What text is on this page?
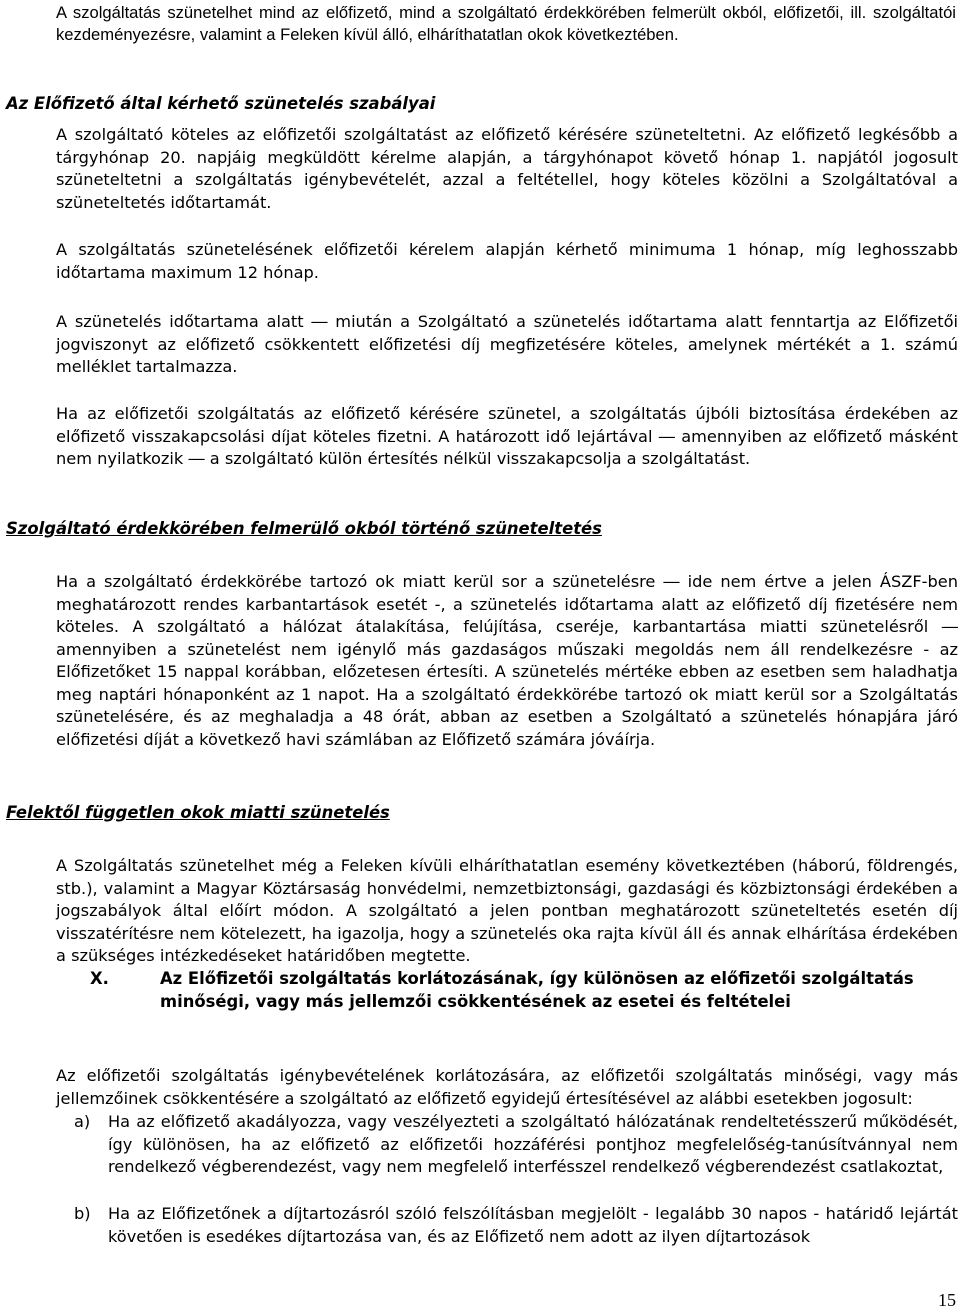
A szolgáltatás szünetelhet mind az előfizető, mind a szolgáltató érdekkörében felmerült okból, előfizetői, ill. szolgáltatói kezdeményezésre, valamint a Feleken kívül álló, elháríthatatlan okok következtében.

Az Előfizető által kérhető szünetelés szabályai

A szolgáltató köteles az előfizetői szolgáltatást az előfizető kérésére szüneteltetni. Az előfizető legkésőbb a tárgyhónap 20. napjáig megküldött kérelme alapján, a tárgyhónapot követő hónap 1. napjától jogosult szüneteltetni a szolgáltatás igénybevételét, azzal a feltétellel, hogy köteles közölni a Szolgáltatóval a szüneteltetés időtartamát.

A szolgáltatás szünetelésének előfizetői kérelem alapján kérhető minimuma 1 hónap, míg leghosszabb időtartama maximum 12 hónap.

A szünetelés időtartama alatt ― miután a Szolgáltató a szünetelés időtartama alatt fenntartja az Előfizetői jogviszonyt az előfizető csökkentett előfizetési díj megfizetésére köteles, amelynek mértékét a 1. számú melléklet tartalmazza.

Ha az előfizetői szolgáltatás az előfizető kérésére szünetel, a szolgáltatás újbóli biztosítása érdekében az előfizető visszakapcsolási díjat köteles fizetni. A határozott idő lejártával ― amennyiben az előfizető másként nem nyilatkozik ― a szolgáltató külön értesítés nélkül visszakapcsolja a szolgáltatást.

Szolgáltató érdekkörében felmerülő okból történő szüneteltetés

Ha a szolgáltató érdekkörébe tartozó ok miatt kerül sor a szünetelésre ― ide nem értve a jelen ÁSZF-ben meghatározott rendes karbantartások esetét -, a szünetelés időtartama alatt az előfizető díj fizetésére nem köteles. A szolgáltató a hálózat átalakítása, felújítása, cseréje, karbantartása miatti szünetelésről ― amennyiben a szünetelést nem igénylő más gazdaságos műszaki megoldás nem áll rendelkezésre - az Előfizetőket 15 nappal korábban, előzetesen értesíti. A szünetelés mértéke ebben az esetben sem haladhatja meg naptári hónaponként az 1 napot. Ha a szolgáltató érdekkörébe tartozó ok miatt kerül sor a Szolgáltatás szünetelésére, és az meghaladja a 48 órát, abban az esetben a Szolgáltató a szünetelés hónapjára járó előfizetési díját a következő havi számlában az Előfizető számára jóváírja.

Felektől független okok miatti szünetelés

A Szolgáltatás szünetelhet még a Feleken kívüli elháríthatatlan esemény következtében (háború, földrengés, stb.), valamint a Magyar Köztársaság honvédelmi, nemzetbiztonsági, gazdasági és közbiztonsági érdekében a jogszabályok által előírt módon. A szolgáltató a jelen pontban meghatározott szüneteltetés esetén díj visszatérítésre nem kötelezett, ha igazolja, hogy a szünetelés oka rajta kívül áll és annak elhárítása érdekében a szükséges intézkedéseket határidőben megtette.

X.	Az Előfizetői szolgáltatás korlátozásának, így különösen az előfizetői szolgáltatás minőségi, vagy más jellemzői csökkentésének az esetei és feltételei

Az előfizetői szolgáltatás igénybevételének korlátozására, az előfizetői szolgáltatás minőségi, vagy más jellemzőinek csökkentésére a szolgáltató az előfizető egyidejű értesítésével az alábbi esetekben jogosult:

a) Ha az előfizető akadályozza, vagy veszélyezteti a szolgáltató hálózatának rendeltetésszerű működését, így különösen, ha az előfizető az előfizetői hozzáférési pontjhoz megfelelőség-tanúsítvánnyal nem rendelkező végberendezést, vagy nem megfelelő interfésszel rendelkező végberendezést csatlakoztat,
b) Ha az Előfizetőnek a díjtartozásról szóló felszólításban megjelölt - legalább 30 napos - határidő lejártát követően is esedékes díjtartozása van, és az Előfizető nem adott az ilyen díjtartozások
15
